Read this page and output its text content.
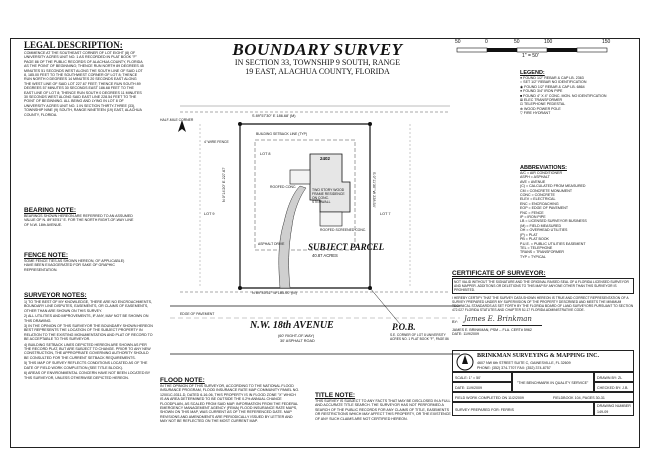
LEGAL DESCRIPTION:
COMMENCE AT THE SOUTHEAST CORNER OF LOT EIGHT (8) OF UNIVERSITY ACRES UNIT NO. 1 AS RECORDED IN PLAT BOOK "F" PAGE 86 OF THE PUBLIC RECORDS OF ALACHUA COUNTY, FLORIDA AS THE POINT OF BEGINNING; THENCE RUN NORTH 89 DEGREES 45 MINUTES 51 SECONDS WEST ALONG THE SOUTH LINE OF SAID LOT 8, 185.00 FEET TO THE SOUTHWEST CORNER OF LOT 8; THENCE RUN NORTH 0 DEGREES 14 MINUTES 20 SECONDS EAST ALONG THE WEST LINE OF SAID LOT 227.67 FEET; THENCE RUN SOUTH 89 DEGREES 57 MINUTES 30 SECONDS EAST 186.68 FEET TO THE EAST LINE OF LOT 8; THENCE RUN SOUTH 0 DEGREES 11 MINUTES 30 SECONDS WEST ALONG SAID EAST LINE 228.54 FEET TO THE POINT OF BEGINNING. ALL BEING AND LYING IN LOT 8 OF UNIVERSITY ACRES UNIT NO. 1 IN SECTION THIRTY-THREE (33), TOWNSHIP NINE (9) SOUTH, RANGE NINETEEN (19) EAST, ALACHUA COUNTY, FLORIDA.
BOUNDARY SURVEY
IN SECTION 33, TOWNSHIP 9 SOUTH, RANGE
19 EAST, ALACHUA COUNTY, FLORIDA
50	0	50	100	150
1" = 50'
LEGEND:
● FOUND 1/2" REBAR & CAP LB. 2363
○ SET 1/2" REBAR NO IDENTIFICATION
◉ FOUND 1/2" REBAR & CAP LB. 6864
● FOUND 3/4" IRON PIPE
■ FOUND 4" X 4" CONC. MON. NO IDENTIFICATION
⊠ ELEC TRANSFORMER
⊡ TELEPHONE PEDESTAL
⊕ WOOD POWER POLE
▽ FIRE HYDRANT
ABBREVIATIONS:
A/C = AIR CONDITIONER
ASPH = ASPHALT
AVE = AVENUE
(C) = CALCULATED FROM MEASURED
CM = CONCRETE MONUMENT
CONC = CONCRETE
ELEV = ELECTRICAL
ENC = ENCROACHING
EOP = EDGE OF PAVEMENT
FNC = FENCE
IP = IRON PIPE
LB = LICENSED SURVEYOR BUSINESS
(M) = FIELD MEASURED
OH = OVERHEAD UTILITIES
(P) = PLAT
PB = PLAT BOOK
P.U.E. = PUBLIC UTILITIES EASEMENT
TEL = TELEPHONE
TRANS = TRANSFORMER
TYP = TYPICAL
BEARING NOTE:
BEARINGS SHOWN HEREON ARE REFERRED TO AN ASSUMED VALUE OF N. 89°45'51" E. FOR THE NORTH RIGHT-OF-WAY LINE OF N.W. 18th AVENUE.
FENCE NOTE:
SOME FENCE TIES AS SHOWN HEREON, OF APPLICABLE) HAVE BEEN EXAGGERATED FOR SAKE OF GRAPHIC REPRESENTATION.
SURVEYOR NOTES:
1) TO THE BEST OF MY KNOWLEDGE, THERE ARE NO ENCROACHMENTS, BOUNDARY LINE DISPUTES, EASEMENTS, OR CLAIMS OF EASEMENTS, OTHER THAN ARE SHOWN ON THIS SURVEY.
2) ALL UTILITIES AND IMPROVEMENTS, IF ANY, MAY NOT BE SHOWN ON THIS DRAWING.
3) IN THE OPINION OF THIS SURVEYOR THE BOUNDARY SHOWN HEREON BEST REPRESENTS THE LOCATION OF THE SUBJECT PROPERTY IN RELATION TO THE EXISTING MONUMENTATION AND PLAT OF RECORD TO BE ACCEPTABLE TO THIS SURVEYOR.
4) BUILDING SETBACK LINES DEPICTED HEREON ARE SHOWN AS PER THE RECORD PLAT, BUT ARE SUBJECT TO CHANGE. PRIOR TO ANY NEW CONSTRUCTION, THE APPROPRIATE GOVERNING AUTHORITY SHOULD BE CONSULTED FOR THE CURRENT SETBACK REQUIREMENTS.
5) THIS MAP OF SURVEY REFLECTS CONDITIONS LOCATED AS OF THE DATE OF FIELD WORK COMPLETION (SEE TITLE BLOCK).
6) AREAS OF ENVIRONMENTAL CONCERN HAVE NOT BEEN LOCATED BY THIS SURVEYOR, UNLESS OTHERWISE DEPICTED HEREON.
S 89°57'30" E 186.68' (M)
N 89°45'51" W 185.00' (M)
N 0°14'20" E 227.67'	S 0°11'30" W 228.54'
TWO STORY WOOD FRAME RESIDENCE ON CONC. STEMWALL
2402
ROOFED SCREENED CONC.
ROOFED CONC.
ASPHALT DRIVE	SUBJECT PARCEL
40.87 ACRES
LOT 9
LOT 8
LOT 7
BUILDING SETBACK LINE (TYP)
HALF-MILE CORNER
4' WIRE FENCE
EDGE OF PAVEMENT
N.W. 18th AVENUE
(60' RIGHT-OF-WAY)
30' ASPHALT ROAD
P.O.B.
S.E. CORNER OF LOT 8 UNIVERSITY ACRES NO. 1 PLAT BOOK "F", PAGE 86
FLOOD NOTE:
IN THE OPINION OF THIS SURVEYOR, ACCORDING TO THE NATIONAL FLOOD INSURANCE PROGRAM, FLOOD INSURANCE RATE MAP COMMUNITY PANEL NO. 12001C-0311-D, DATED 6-16-06, THIS PROPERTY IS IN FLOOD ZONE "X" WHICH IS AN AREA DETERMINED TO BE OUTSIDE THE 0.2% ANNUAL CHANCE FLOODPLAIN, AS SCALED FROM SAID MAP. INFORMATION FROM THE FEDERAL EMERGENCY MANAGEMENT AGENCY (FEMA) FLOOD INSURANCE RATE MAPS, SHOWN ON THIS MAP, WAS CURRENT AS OF THE REFERENCED DATE. MAP REVISIONS AND AMENDMENTS ARE PERIODICALLY ISSUED BY LETTER AND MAY NOT BE REFLECTED ON THE MOST CURRENT MAP.
TITLE NOTE:
THIS SURVEY IS SUBJECT TO ANY FACTS THAT MAY BE DISCLOSED IN A FULL AND ACCURATE TITLE SEARCH. THE SURVEYOR HAS NOT PERFORMED A SEARCH OF THE PUBLIC RECORDS FOR ANY CLAIMS OF TITLE, EASEMENTS OR RESTRICTIONS WHICH MAY AFFECT THIS PROPERTY, OR THE EXISTENCE OF ANY SUCH CLAIMS ARE NOT CERTIFIED HEREON.
CERTIFICATE OF SURVEYOR:
NOT VALID WITHOUT THE SIGNATURE AND THE ORIGINAL RAISED SEAL OF A FLORIDA LICENSED SURVEYOR AND MAPPER. ADDITIONS OR DELETIONS TO THIS MAP BY ANYONE OTHER THAN THIS SURVEYOR IS PROHIBITED.
I HEREBY CERTIFY THAT THE SURVEY DATA SHOWN HEREON IS TRUE AND CORRECT REPRESENTATION OF A SURVEY PREPARED UNDER MY SUPERVISION OF THE PROPERTY DESCRIBED AND MEETS THE MINIMUM TECHNICAL STANDARDS AS SET FORTH BY THE FLORIDA BOARD OF LAND SURVEYORS PURSUANT TO SECTION 472.027 FLORIDA STATUTES AND CHAPTER 5J-17 FLORIDA ADMINISTRATIVE CODE.
BY: James E. Brinkman
JAMES E. BRINKMAN, PSM -- FLA. CERT# 5962
DATE: 11/9/2009
BRINKMAN SURVEYING & MAPPING INC.
4607 NW 6th STREET SUITE C, GAINESVILLE, FL 32609
PHONE: (352) 374-7707 FAX: (352) 374-8757
SCALE: 1" = 50'
DATE: 11/9/2009
"THE BENCHMARK IN QUALITY SERVICE"
DRAWN BY: ZL
CHECKED BY: J.B.
FIELD WORK COMPLETED ON 11/2/2009	FIELDBOOK 104, PAGES 30-31
SURVEY PREPARED FOR: FERRIS
DRAWING NUMBER
149-09
